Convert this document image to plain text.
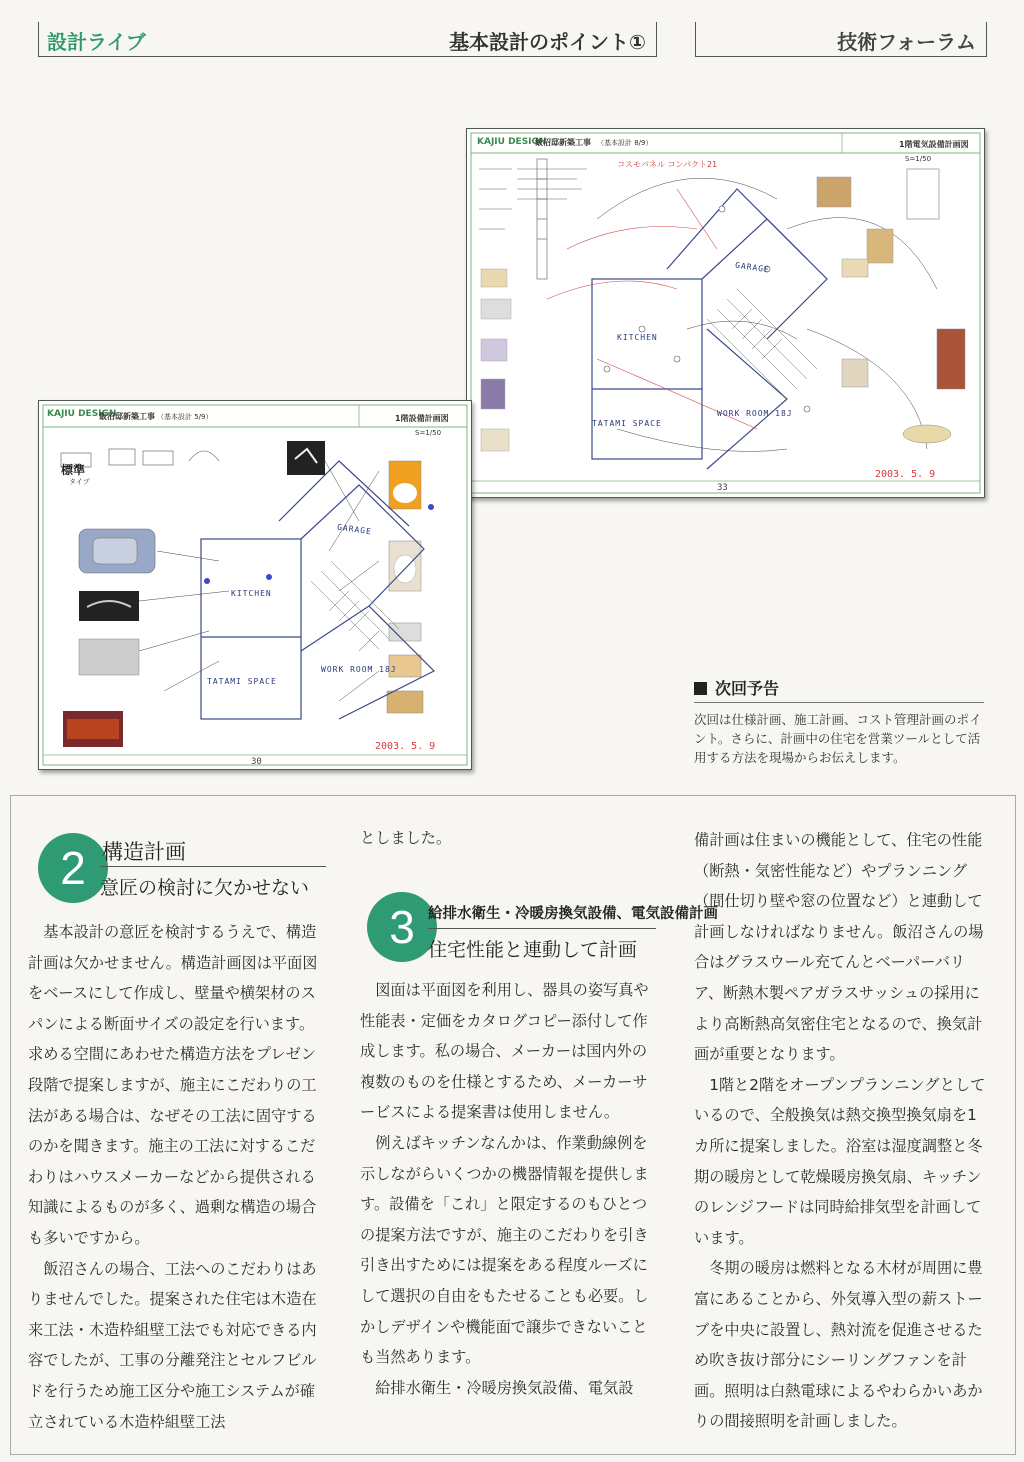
設計ライブ	基本設計のポイント①	技術フォーラム
KAJIU DESIGN
飯沼邸新築工事 （基本設計 8/9）	1階電気設備計画図
S=1/50
コスモパネル コンパクト21
GARAGE
KITCHEN
TATAMI SPACE
WORK ROOM 18J
2003. 5. 9
33
KAJIU DESIGN
飯沼邸新築工事 （基本設計 5/9）	1階設備計画図
S=1/50
標準
タイプ
GARAGE
KITCHEN
TATAMI SPACE
WORK ROOM 18J
2003. 5. 9
30
次回予告
次回は仕様計画、施工計画、コスト管理計画のポイント。さらに、計画中の住宅を営業ツールとして活用する方法を現場からお伝えします。
2 構造計画
意匠の検討に欠かせない

基本設計の意匠を検討するうえで、構造計画は欠かせません。構造計画図は平面図をベースにして作成し、壁量や横架材のスパンによる断面サイズの設定を行います。求める空間にあわせた構造方法をプレゼン段階で提案しますが、施主にこだわりの工法がある場合は、なぜその工法に固守するのかを聞きます。施主の工法に対するこだわりはハウスメーカーなどから提供される知識によるものが多く、過剰な構造の場合も多いですから。

飯沼さんの場合、工法へのこだわりはありませんでした。提案された住宅は木造在来工法・木造枠組壁工法でも対応できる内容でしたが、工事の分離発注とセルフビルドを行うため施工区分や施工システムが確立されている木造枠組壁工法

としました。

3 給排水衛生・冷暖房換気設備、電気設備計画
住宅性能と連動して計画

図面は平面図を利用し、器具の姿写真や性能表・定価をカタログコピー添付して作成します。私の場合、メーカーは国内外の複数のものを仕様とするため、メーカーサービスによる提案書は使用しません。

例えばキッチンなんかは、作業動線例を示しながらいくつかの機器情報を提供します。設備を「これ」と限定するのもひとつの提案方法ですが、施主のこだわりを引き引き出すためには提案をある程度ルーズにして選択の自由をもたせることも必要。しかしデザインや機能面で譲歩できないことも当然あります。

給排水衛生・冷暖房換気設備、電気設

備計画は住まいの機能として、住宅の性能（断熱・気密性能など）やプランニング（間仕切り壁や窓の位置など）と連動して計画しなければなりません。飯沼さんの場合はグラスウール充てんとベーパーバリア、断熱木製ペアガラスサッシュの採用により高断熱高気密住宅となるので、換気計画が重要となります。

1階と2階をオープンプランニングとしているので、全般換気は熱交換型換気扇を1カ所に提案しました。浴室は湿度調整と冬期の暖房として乾燥暖房換気扇、キッチンのレンジフードは同時給排気型を計画しています。

冬期の暖房は燃料となる木材が周囲に豊富にあることから、外気導入型の薪ストーブを中央に設置し、熱対流を促進させるため吹き抜け部分にシーリングファンを計画。照明は白熱電球によるやわらかいあかりの間接照明を計画しました。
